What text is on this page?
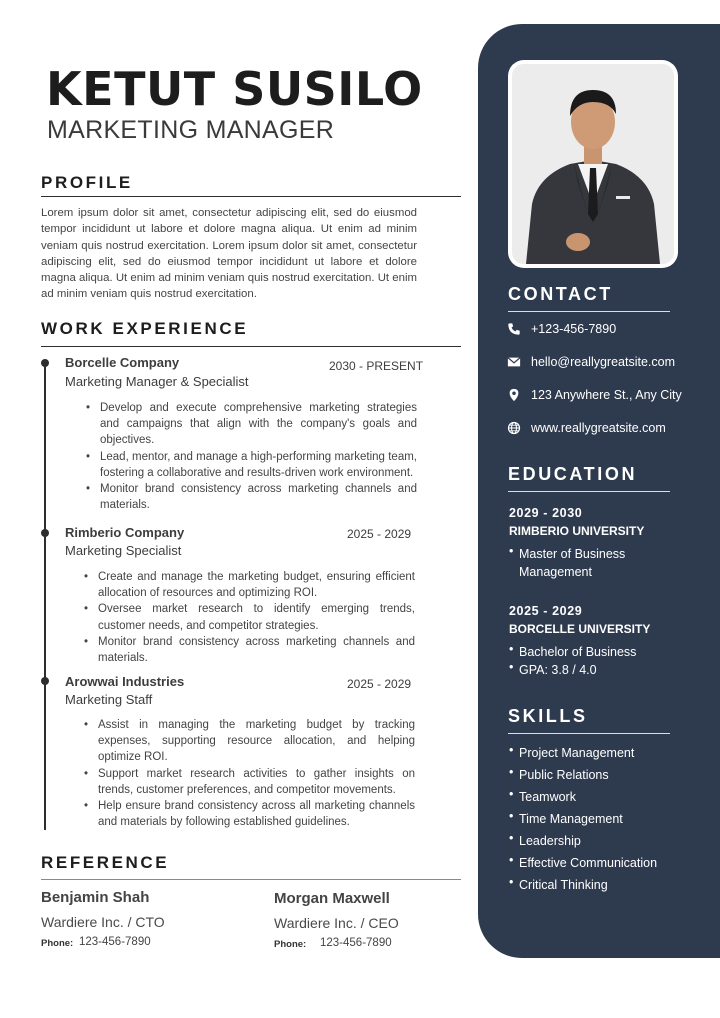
CONTACT
+123-456-7890
hello@reallygreatsite.com
123 Anywhere St., Any City
www.reallygreatsite.com
EDUCATION
2029 - 2030
RIMBERIO UNIVERSITY
• Master of Business Management
2025 - 2029
BORCELLE UNIVERSITY
• Bachelor of Business
• GPA: 3.8 / 4.0
SKILLS
• Project Management
• Public Relations
• Teamwork
• Time Management
• Leadership
• Effective Communication
• Critical Thinking
KETUT SUSILO
MARKETING MANAGER
PROFILE
Lorem ipsum dolor sit amet, consectetur adipiscing elit, sed do eiusmod tempor incididunt ut labore et dolore magna aliqua. Ut enim ad minim veniam quis nostrud exercitation. Lorem ipsum dolor sit amet, consectetur adipiscing elit, sed do eiusmod tempor incididunt ut labore et dolore magna aliqua. Ut enim ad minim veniam quis nostrud exercitation. Ut enim ad minim veniam quis nostrud exercitation.
WORK EXPERIENCE
Borcelle Company	2030 - PRESENT
Marketing Manager & Specialist
• Develop and execute comprehensive marketing strategies and campaigns that align with the company's goals and objectives.
• Lead, mentor, and manage a high-performing marketing team, fostering a collaborative and results-driven work environment.
• Monitor brand consistency across marketing channels and materials.
Rimberio Company	2025 - 2029
Marketing Specialist
• Create and manage the marketing budget, ensuring efficient allocation of resources and optimizing ROI.
• Oversee market research to identify emerging trends, customer needs, and competitor strategies.
• Monitor brand consistency across marketing channels and materials.
Arowwai Industries	2025 - 2029
Marketing Staff
• Assist in managing the marketing budget by tracking expenses, supporting resource allocation, and helping optimize ROI.
• Support market research activities to gather insights on trends, customer preferences, and competitor movements.
• Help ensure brand consistency across all marketing channels and materials by following established guidelines.
REFERENCE
Benjamin Shah
Wardiere Inc. / CTO
Phone: 123-456-7890
Morgan Maxwell
Wardiere Inc. / CEO
Phone: 123-456-7890
